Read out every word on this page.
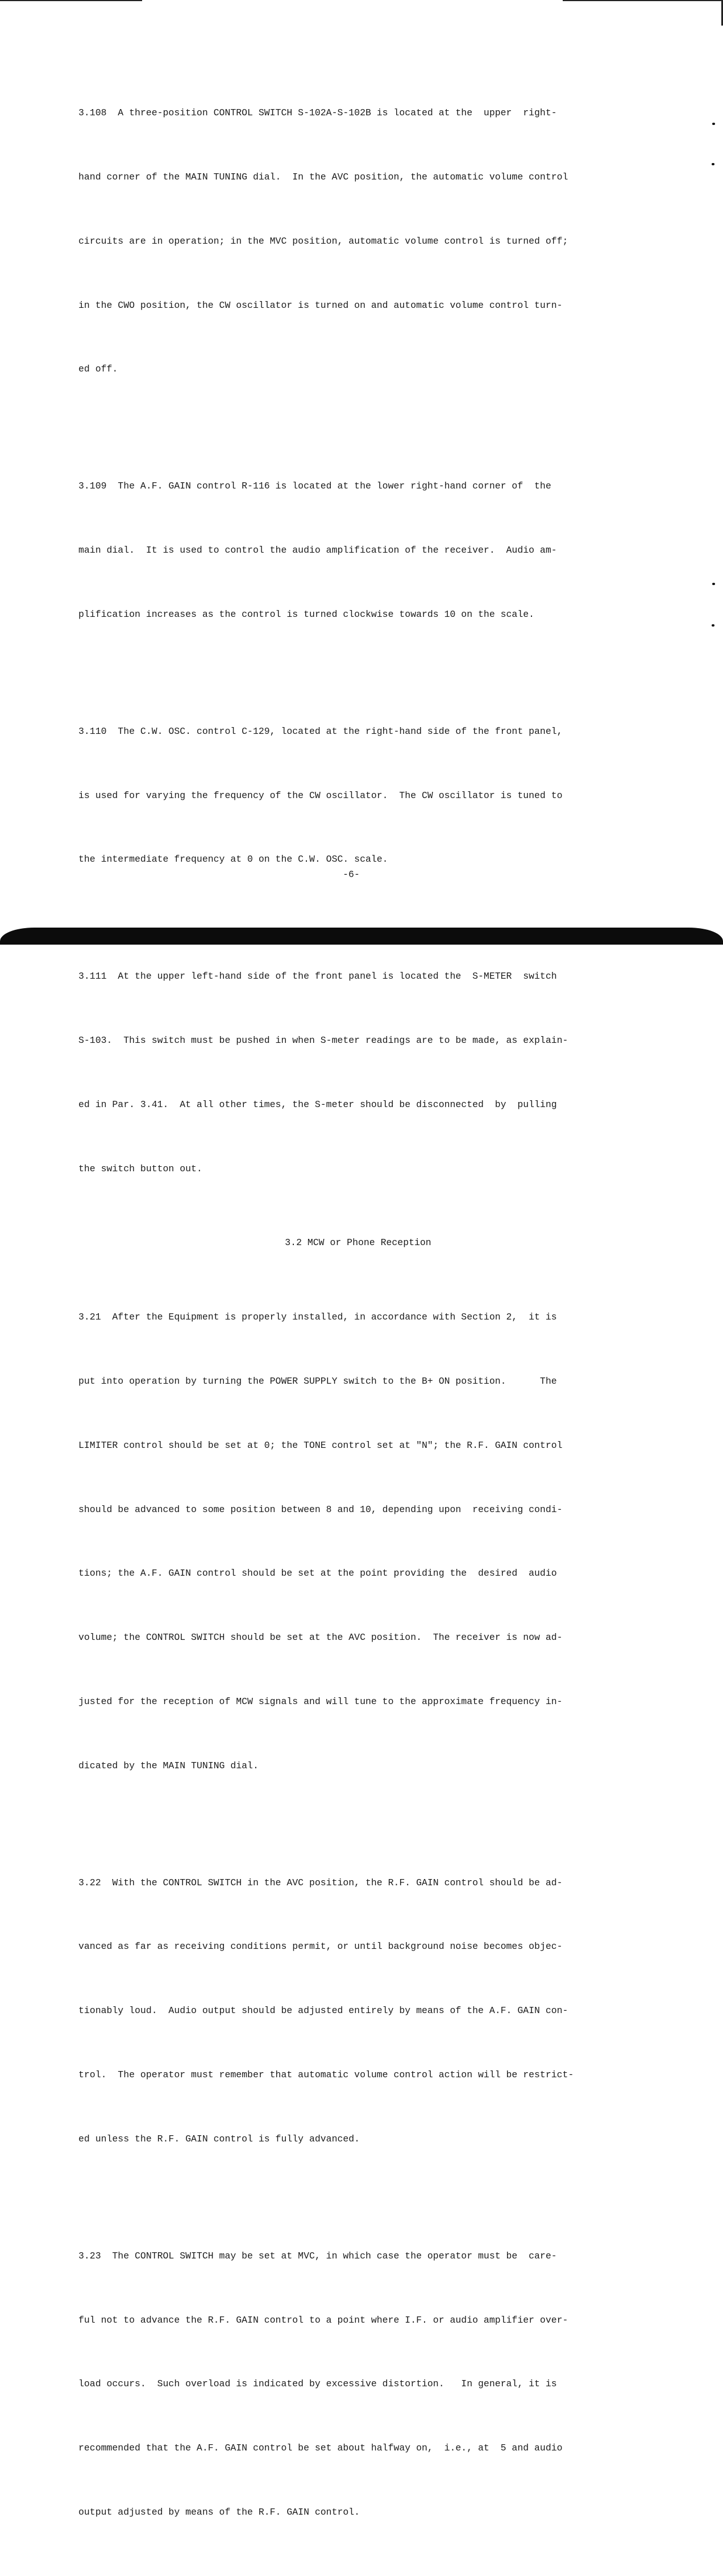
3.108  A three-position CONTROL SWITCH S-102A-S-102B is located at the  upper  right-

hand corner of the MAIN TUNING dial.  In the AVC position, the automatic volume control

circuits are in operation; in the MVC position, automatic volume control is turned off;

in the CWO position, the CW oscillator is turned on and automatic volume control turn-

ed off.

3.109  The A.F. GAIN control R-116 is located at the lower right-hand corner of  the

main dial.  It is used to control the audio amplification of the receiver.  Audio am-

plification increases as the control is turned clockwise towards 10 on the scale.

3.110  The C.W. OSC. control C-129, located at the right-hand side of the front panel,

is used for varying the frequency of the CW oscillator.  The CW oscillator is tuned to

the intermediate frequency at 0 on the C.W. OSC. scale.

3.111  At the upper left-hand side of the front panel is located the  S-METER  switch

S-103.  This switch must be pushed in when S-meter readings are to be made, as explain-

ed in Par. 3.41.  At all other times, the S-meter should be disconnected  by  pulling

the switch button out.

3.2 MCW or Phone Reception

3.21  After the Equipment is properly installed, in accordance with Section 2,  it is

put into operation by turning the POWER SUPPLY switch to the B+ ON position.      The

LIMITER control should be set at 0; the TONE control set at "N"; the R.F. GAIN control

should be advanced to some position between 8 and 10, depending upon  receiving condi-

tions; the A.F. GAIN control should be set at the point providing the  desired  audio

volume; the CONTROL SWITCH should be set at the AVC position.  The receiver is now ad-

justed for the reception of MCW signals and will tune to the approximate frequency in-

dicated by the MAIN TUNING dial.

3.22  With the CONTROL SWITCH in the AVC position, the R.F. GAIN control should be ad-

vanced as far as receiving conditions permit, or until background noise becomes objec-

tionably loud.  Audio output should be adjusted entirely by means of the A.F. GAIN con-

trol.  The operator must remember that automatic volume control action will be restrict-

ed unless the R.F. GAIN control is fully advanced.

3.23  The CONTROL SWITCH may be set at MVC, in which case the operator must be  care-

ful not to advance the R.F. GAIN control to a point where I.F. or audio amplifier over-

load occurs.  Such overload is indicated by excessive distortion.   In general, it is

recommended that the A.F. GAIN control be set about halfway on,  i.e., at  5 and audio

output adjusted by means of the R.F. GAIN control.

-6-
